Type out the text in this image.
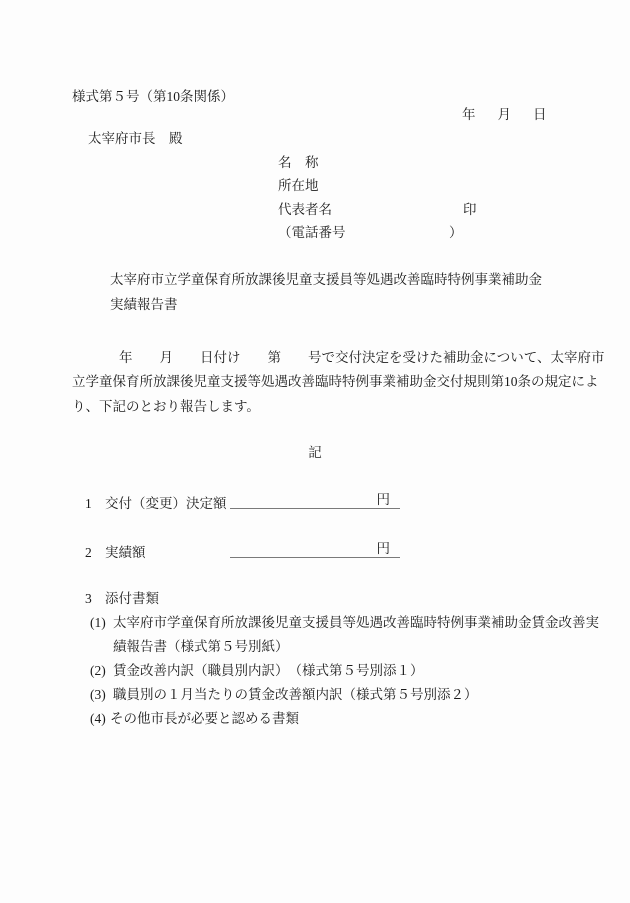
様式第５号（第10条関係）
年 月 日
太宰府市長　殿
名　称
所在地
代表者名	印
（電話番号	）
太宰府市立学童保育所放課後児童支援員等処遇改善臨時特例事業補助金
実績報告書
年　　月　　日付け　　第　　号で交付決定を受けた補助金について、太宰府市
立学童保育所放課後児童支援等処遇改善臨時特例事業補助金交付規則第10条の規定によ
り、下記のとおり報告します。
記
1 交付（変更）決定額	円
2 実績額	円
3 添付書類
(1) 太宰府市学童保育所放課後児童支援員等処遇改善臨時特例事業補助金賃金改善実
績報告書（様式第５号別紙）
(2) 賃金改善内訳（職員別内訳）　（様式第５号別添１）
(3) 職員別の１月当たりの賃金改善額内訳（様式第５号別添２）
(4) その他市長が必要と認める書類
